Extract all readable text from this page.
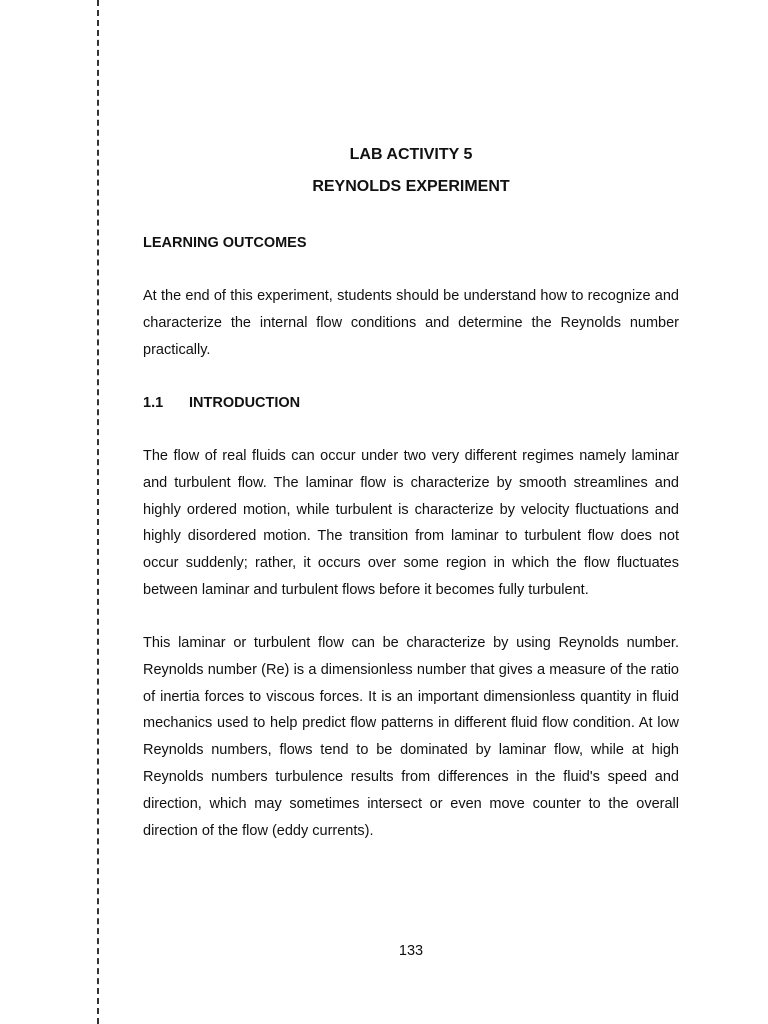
LAB ACTIVITY 5
REYNOLDS EXPERIMENT
LEARNING OUTCOMES

At the end of this experiment, students should be understand how to recognize and characterize the internal flow conditions and determine the Reynolds number practically.

1.1 INTRODUCTION

The flow of real fluids can occur under two very different regimes namely laminar and turbulent flow. The laminar flow is characterize by smooth streamlines and highly ordered motion, while turbulent is characterize by velocity fluctuations and highly disordered motion. The transition from laminar to turbulent flow does not occur suddenly; rather, it occurs over some region in which the flow fluctuates between laminar and turbulent flows before it becomes fully turbulent.

This laminar or turbulent flow can be characterize by using Reynolds number. Reynolds number (Re) is a dimensionless number that gives a measure of the ratio of inertia forces to viscous forces. It is an important dimensionless quantity in fluid mechanics used to help predict flow patterns in different fluid flow condition. At low Reynolds numbers, flows tend to be dominated by laminar flow, while at high Reynolds numbers turbulence results from differences in the fluid's speed and direction, which may sometimes intersect or even move counter to the overall direction of the flow (eddy currents).

133
